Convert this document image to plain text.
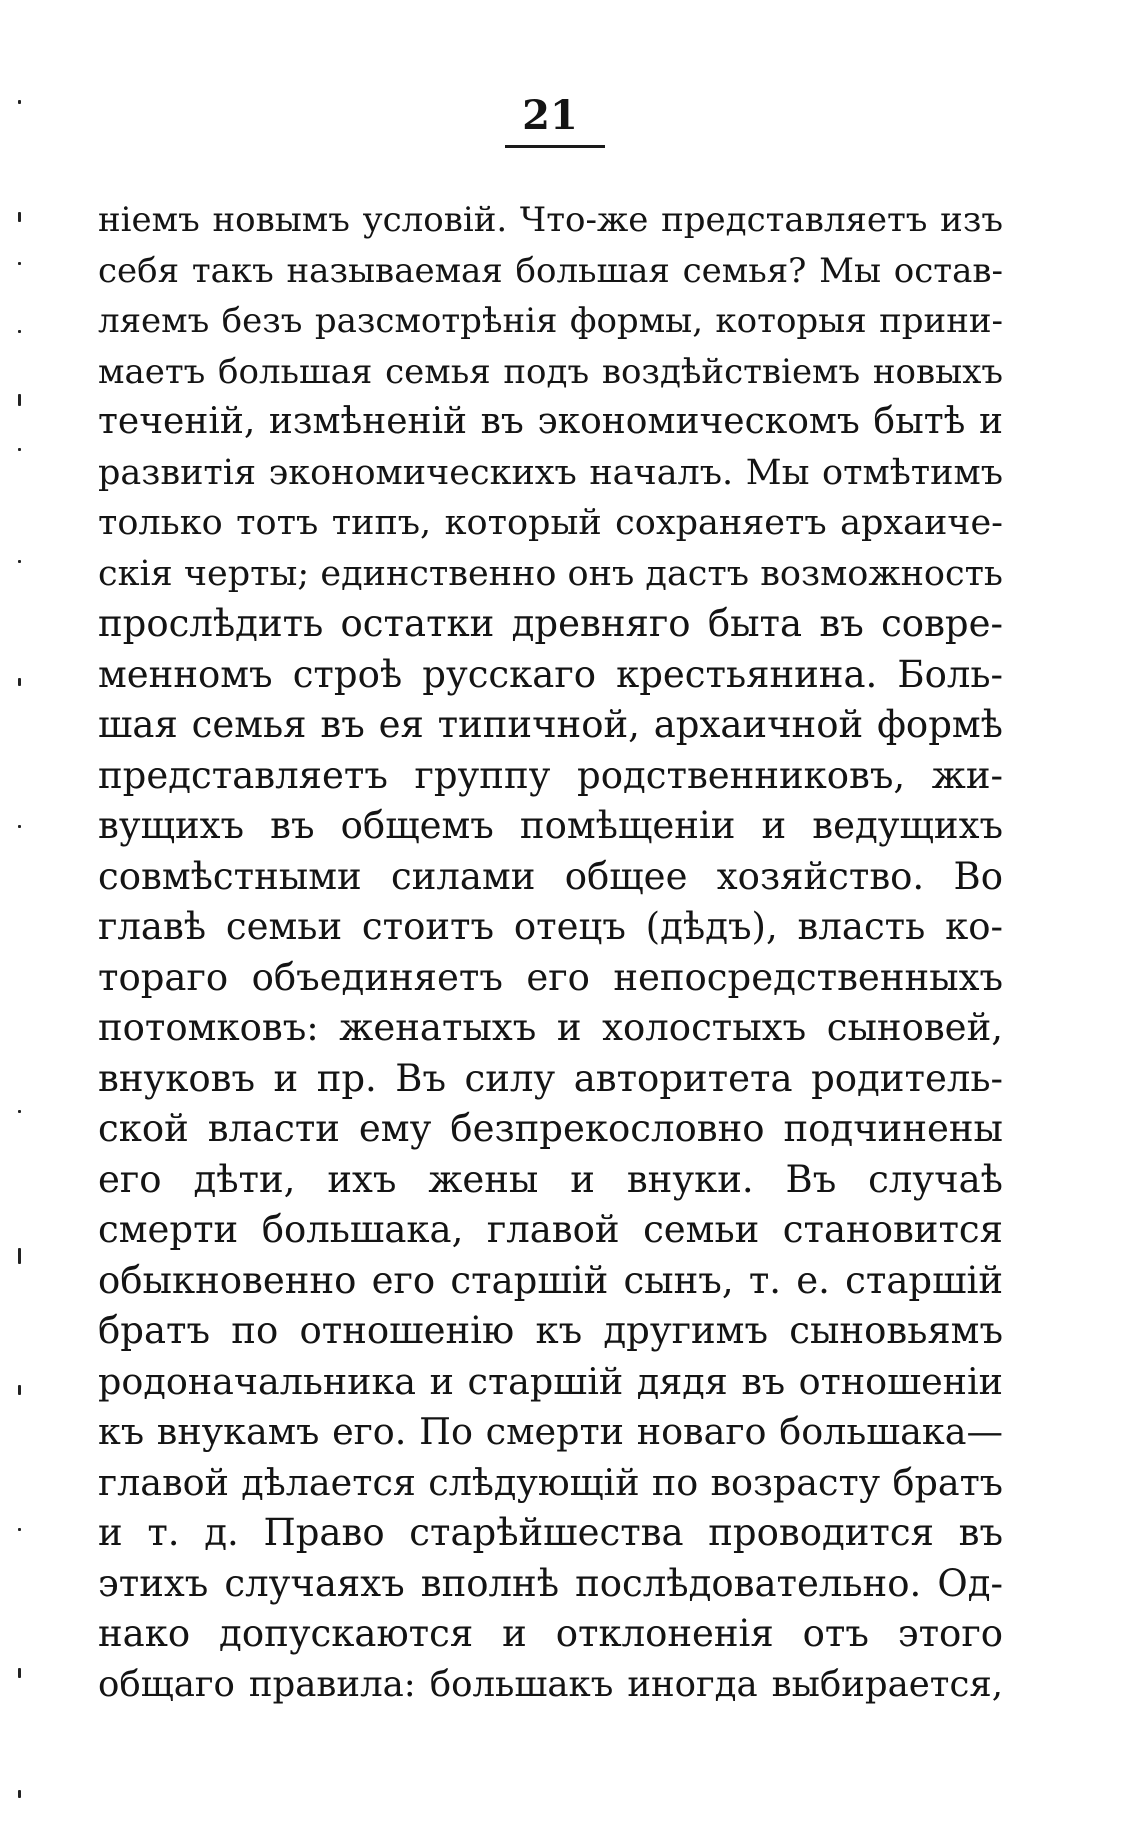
21
нiемъ новымъ условiй. Что-же представляетъ изъ
себя такъ называемая большая семья? Мы остав-
ляемъ безъ разсмотрѣнiя формы, которыя прини-
маетъ большая семья подъ воздѣйствiемъ новыхъ
теченiй, измѣненiй въ экономическомъ бытѣ и
развитiя экономическихъ началъ. Мы отмѣтимъ
только тотъ типъ, который сохраняетъ архаиче-
скiя черты; единственно онъ дастъ возможность
прослѣдить остатки древняго быта въ совре-
менномъ строѣ русскаго крестьянина. Боль-
шая семья въ ея типичной, архаичной формѣ
представляетъ группу родственниковъ, жи-
вущихъ въ общемъ помѣщенiи и ведущихъ
совмѣстными силами общее хозяйство. Во
главѣ семьи стоитъ отецъ (дѣдъ), власть ко-
тораго объединяетъ его непосредственныхъ
потомковъ: женатыхъ и холостыхъ сыновей,
внуковъ и пр. Въ силу авторитета родитель-
ской власти ему безпрекословно подчинены
его дѣти, ихъ жены и внуки. Въ случаѣ
смерти большака, главой семьи становится
обыкновенно его старшiй сынъ, т. е. старшiй
братъ по отношенiю къ другимъ сыновьямъ
родоначальника и старшiй дядя въ отношенiи
къ внукамъ его. По смерти новаго большака—
главой дѣлается слѣдующiй по возрасту братъ
и т. д. Право старѣйшества проводится въ
этихъ случаяхъ вполнѣ послѣдовательно. Од-
нако допускаются и отклоненiя отъ этого
общаго правила: большакъ иногда выбирается,
